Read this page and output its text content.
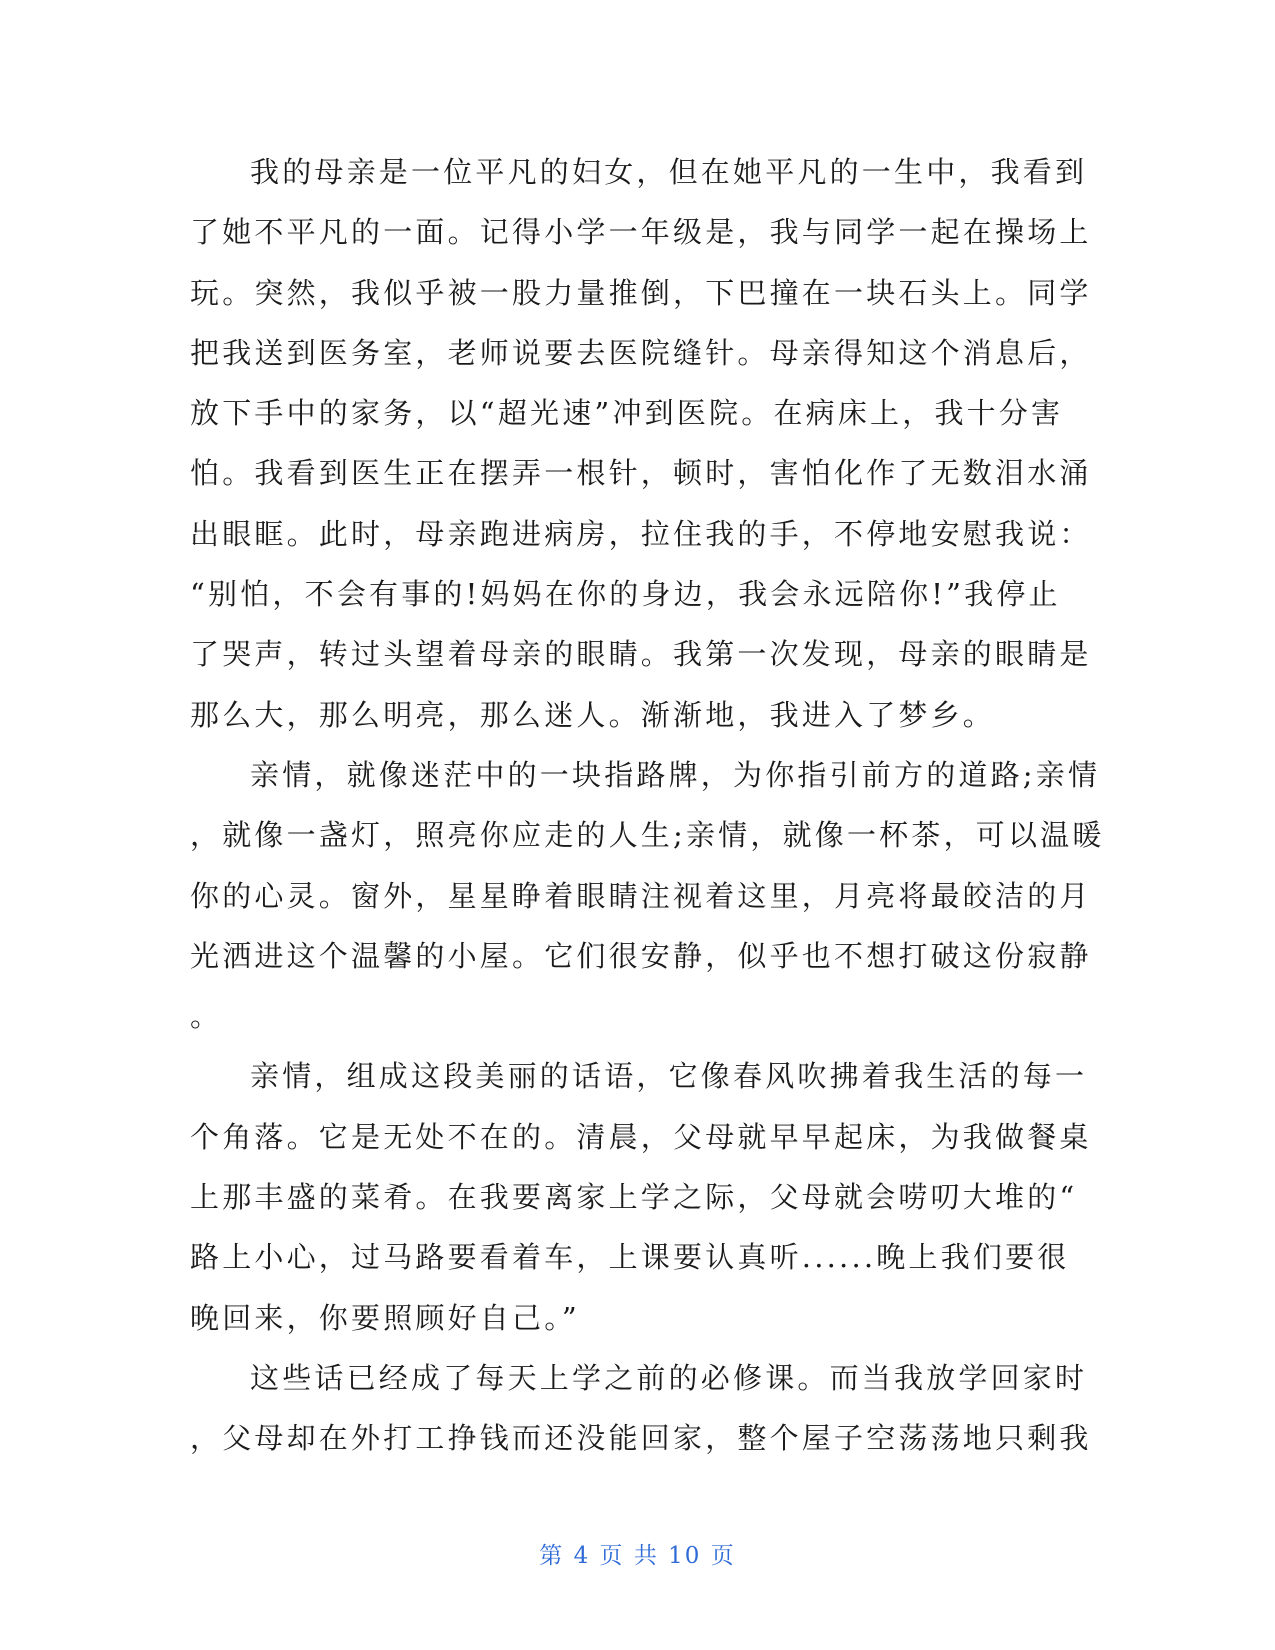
我的母亲是一位平凡的妇女，但在她平凡的一生中，我看到
了她不平凡的一面。记得小学一年级是，我与同学一起在操场上
玩。突然，我似乎被一股力量推倒，下巴撞在一块石头上。同学
把我送到医务室，老师说要去医院缝针。母亲得知这个消息后，
放下手中的家务，以“超光速”冲到医院。在病床上，我十分害
怕。我看到医生正在摆弄一根针，顿时，害怕化作了无数泪水涌
出眼眶。此时，母亲跑进病房，拉住我的手，不停地安慰我说：
“别怕，不会有事的!妈妈在你的身边，我会永远陪你!”我停止
了哭声，转过头望着母亲的眼睛。我第一次发现，母亲的眼睛是
那么大，那么明亮，那么迷人。渐渐地，我进入了梦乡。
亲情，就像迷茫中的一块指路牌，为你指引前方的道路;亲情
，就像一盏灯，照亮你应走的人生;亲情，就像一杯茶，可以温暖
你的心灵。窗外，星星睁着眼睛注视着这里，月亮将最皎洁的月
光洒进这个温馨的小屋。它们很安静，似乎也不想打破这份寂静
。
亲情，组成这段美丽的话语，它像春风吹拂着我生活的每一
个角落。它是无处不在的。清晨，父母就早早起床，为我做餐桌
上那丰盛的菜肴。在我要离家上学之际，父母就会唠叨大堆的“
路上小心，过马路要看着车，上课要认真听......晚上我们要很
晚回来，你要照顾好自己。”
这些话已经成了每天上学之前的必修课。而当我放学回家时
，父母却在外打工挣钱而还没能回家，整个屋子空荡荡地只剩我
第 4 页 共 10 页
